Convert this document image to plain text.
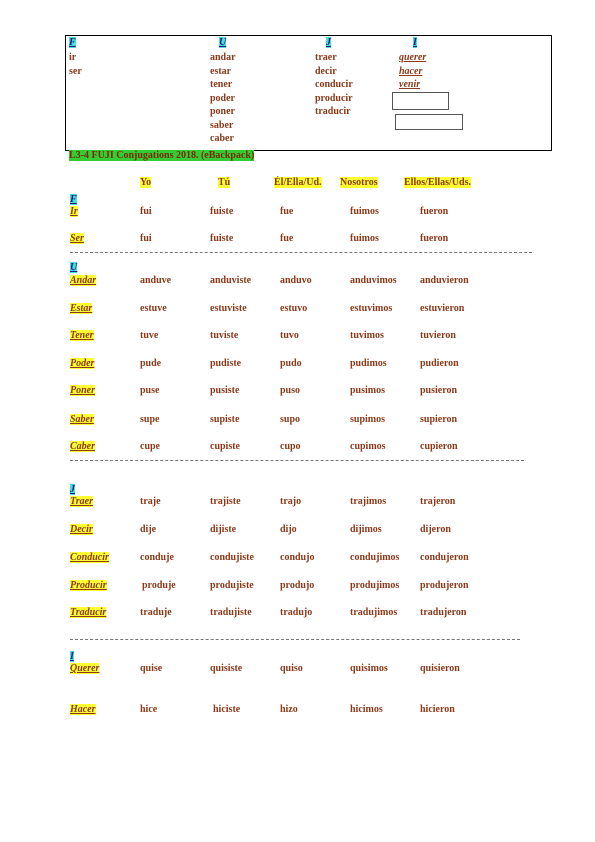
F
ir
ser
U
andar
estar
tener
poder
poner
saber
caber
J
traer
decir
conducir
producir
traducir
I
querer
hacer
venir
L3-4 FUJI Conjugations 2018. (eBackpack)
Yo	Tú	Él/Ella/Ud. Nosotros	Ellos/Ellas/Uds.
F
Ir	fui	fuiste	fue	fuimos	fueron
Ser	fui	fuiste	fue	fuimos	fueron
U
Andar	anduve	anduviste	anduvo	anduvimos anduvieron
Estar	estuve	estuviste	estuvo	estuvimos	estuvieron
Tener	tuve	tuviste	tuvo	tuvimos	tuvieron
Poder	pude	pudiste	pudo	pudimos	pudieron
Poner	puse	pusiste	puso	pusimos	pusieron
Saber	supe	supiste	supo	supimos	supieron
Caber	cupe	cupiste	cupo	cupimos	cupieron
J
Traer	traje	trajiste	trajo	trajimos	trajeron
Decir	dije	dijiste	dijo	dijimos	dijeron
Conducir	conduje	condujiste	condujo	condujimos condujeron
Producir	produje	produjiste	produjo	produjimos produjeron
Traducir	traduje	tradujiste	tradujo	tradujimos tradujeron
I
Querer	quise	quisiste	quiso	quisimos	quisieron
Hacer	hice	hiciste	hizo	hicimos	hicieron
